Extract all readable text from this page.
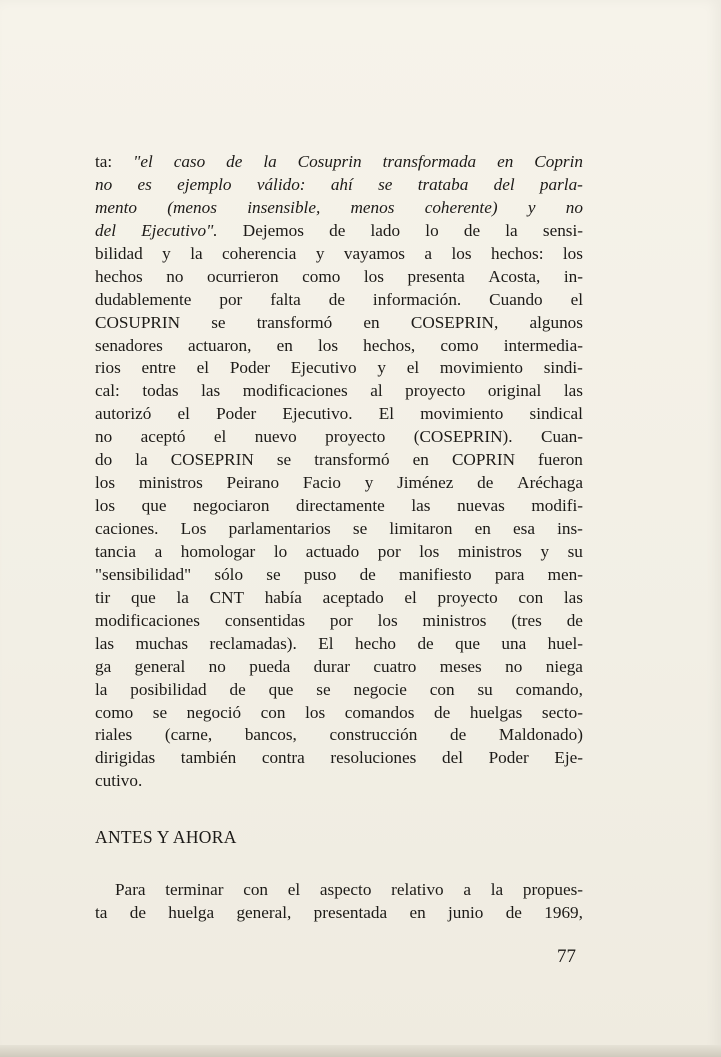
ta: "el caso de la Cosuprin transformada en Coprin
no es ejemplo válido: ahí se trataba del parla-
mento (menos insensible, menos coherente) y no
del Ejecutivo". Dejemos de lado lo de la sensi-
bilidad y la coherencia y vayamos a los hechos: los
hechos no ocurrieron como los presenta Acosta, in-
dudablemente por falta de información. Cuando el
COSUPRIN se transformó en COSEPRIN, algunos
senadores actuaron, en los hechos, como intermedia-
rios entre el Poder Ejecutivo y el movimiento sindi-
cal: todas las modificaciones al proyecto original las
autorizó el Poder Ejecutivo. El movimiento sindical
no aceptó el nuevo proyecto (COSEPRIN). Cuan-
do la COSEPRIN se transformó en COPRIN fueron
los ministros Peirano Facio y Jiménez de Aréchaga
los que negociaron directamente las nuevas modifi-
caciones. Los parlamentarios se limitaron en esa ins-
tancia a homologar lo actuado por los ministros y su
"sensibilidad" sólo se puso de manifiesto para men-
tir que la CNT había aceptado el proyecto con las
modificaciones consentidas por los ministros (tres de
las muchas reclamadas). El hecho de que una huel-
ga general no pueda durar cuatro meses no niega
la posibilidad de que se negocie con su comando,
como se negoció con los comandos de huelgas secto-
riales (carne, bancos, construcción de Maldonado)
dirigidas también contra resoluciones del Poder Eje-
cutivo.
ANTES Y AHORA
Para terminar con el aspecto relativo a la propues-
ta de huelga general, presentada en junio de 1969,
77
